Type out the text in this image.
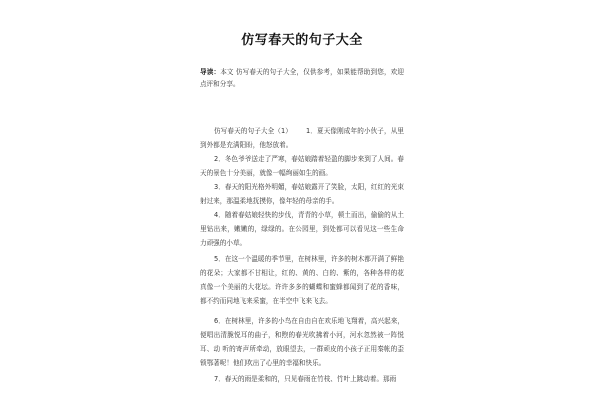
仿写春天的句子大全

导读：本文 仿写春天的句子大全，仅供参考，如果能帮助到您，欢迎点评和分享。

仿写春天的句子大全（1） 1．夏天像刚成年的小伙子，从里到外都是充满阳盼，他怒放着。

2．冬色爷爷送走了严寒，春姑娘踏着轻盈的脚步来到了人间。春天的景色十分美丽，就像一幅绚丽如生的画。

3．春天的阳光格外明媚，春姑娘露开了笑脸，太阳，红红的光束射过来，那温柔地抚摸你，像年轻的母亲的手。

4．随着春姑娘轻快的步伐，青青的小草，顿土而出，偷偷的从土里钻出来，嫩嫩的，绿绿的。在公园里，到处都可以看见这一些生命力顽强的小草。

5．在这一个温暖的季节里，在树林里，许多的树木都开满了鲜艳的花朵；大家都不甘相让，红的、黄的、白的、紫的，各种各样的花真像一个美丽的大花坛。许许多多的蝴蝶和蜜蜂都闻到了花的香味，都不约而同地飞来采蜜，在半空中飞来飞去。

6．在树林里，许多的小鸟在自由自在欢乐地飞翔着，高兴起来，便唱出清脆悦耳的曲子，和煦的春光吹拂着小河，河水忽然被一阵悦耳、动 听的寄声所牵动，放眼望去，一群顽皮的小孩子正用秦帐的歪锁鄂著呢！他们吹出了心里的幸福和快乐。

7．春天的雨是柔和的，只见春雨在竹枝、竹叶上跳动着。那雨
